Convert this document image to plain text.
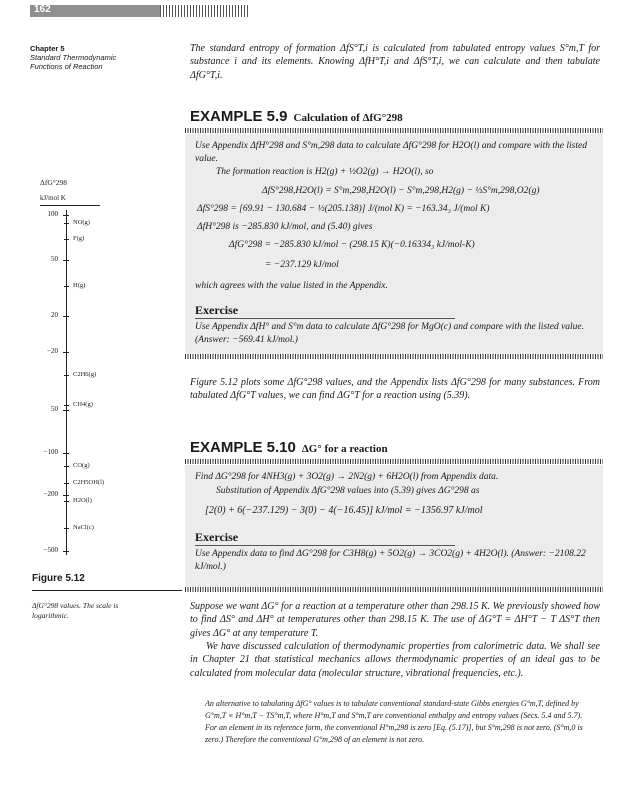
162
Chapter 5
Standard Thermodynamic
Functions of Reaction
The standard entropy of formation ΔfS°T,i is calculated from tabulated entropy values S°m,T for substance i and its elements. Knowing ΔfH°T,i and ΔfS°T,i, we can calculate and then tabulate ΔfG°T,i.
EXAMPLE 5.9 Calculation of ΔfG°298
Use Appendix ΔfH°298 and S°m,298 data to calculate ΔfG°298 for H2O(l) and compare with the listed value.
The formation reaction is H2(g) + ½O2(g) → H2O(l), so
ΔfS°298,H2O(l) = S°m,298,H2O(l) − S°m,298,H2(g) − ½S°m,298,O2(g)
ΔfS°298 = [69.91 − 130.684 − ½(205.138)] J/(mol K) = −163.34₃ J/(mol K)
ΔfH°298 is −285.830 kJ/mol, and (5.40) gives
ΔfG°298 = −285.830 kJ/mol − (298.15 K)(−0.16334₃ kJ/mol-K)
= −237.129 kJ/mol
which agrees with the value listed in the Appendix.
Exercise
Use Appendix ΔfH° and S°m data to calculate ΔfG°298 for MgO(c) and compare with the listed value. (Answer: −569.41 kJ/mol.)
Figure 5.12 plots some ΔfG°298 values, and the Appendix lists ΔfG°298 for many substances. From tabulated ΔfG°T values, we can find ΔG°T for a reaction using (5.39).
EXAMPLE 5.10 ΔG° for a reaction
Find ΔG°298 for 4NH3(g) + 3O2(g) → 2N2(g) + 6H2O(l) from Appendix data.
Substitution of Appendix ΔfG°298 values into (5.39) gives ΔG°298 as
[2(0) + 6(−237.129) − 3(0) − 4(−16.45)] kJ/mol = −1356.97 kJ/mol
Exercise
Use Appendix data to find ΔG°298 for C3H8(g) + 5O2(g) → 3CO2(g) + 4H2O(l). (Answer: −2108.22 kJ/mol.)
Suppose we want ΔG° for a reaction at a temperature other than 298.15 K. We previously showed how to find ΔS° and ΔH° at temperatures other than 298.15 K. The use of ΔG°T = ΔH°T − T ΔS°T then gives ΔG° at any temperature T.
We have discussed calculation of thermodynamic properties from calorimetric data. We shall see in Chapter 21 that statistical mechanics allows thermodynamic properties of an ideal gas to be calculated from molecular data (molecular structure, vibrational frequencies, etc.).
An alternative to tabulating ΔfG° values is to tabulate conventional standard-state Gibbs energies G°m,T, defined by G°m,T ≡ H°m,T − TS°m,T, where H°m,T and S°m,T are conventional enthalpy and entropy values (Secs. 5.4 and 5.7). For an element in its reference form, the conventional H°m,298 is zero [Eq. (5.17)], but S°m,298 is not zero. (S°m,0 is zero.) Therefore the conventional G°m,298 of an element is not zero.
ΔfG°298
kJ/mol K
100
50
20
−20
50
−100
−200
−500
NO(g)
F(g)
H(g)
C2H6(g)
CH4(g)
CO(g)
C2H5OH(l)
H2O(l)
NaCl(c)
Figure 5.12
ΔfG°298 values. The scale is logarithmic.
